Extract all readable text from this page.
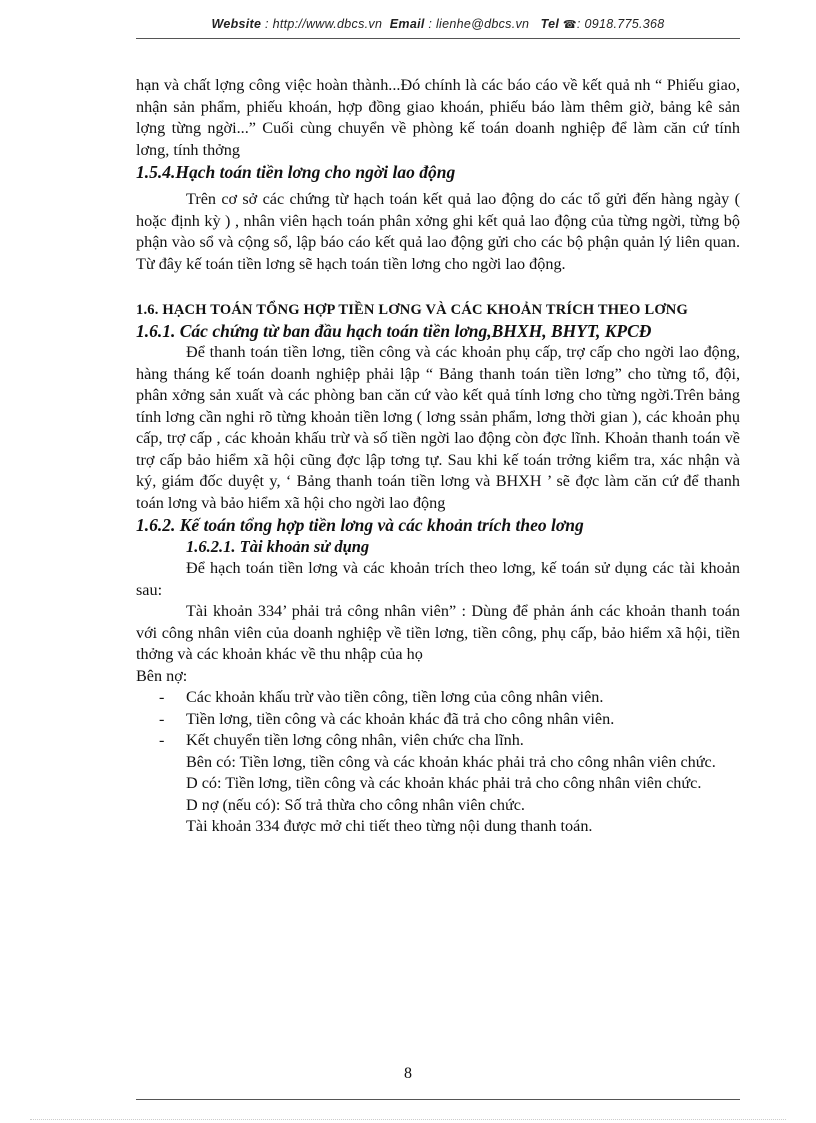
Website : http://www.dbcs.vn Email : lienhe@dbcs.vn Tel ☎: 0918.775.368

hạn và chất lợng công việc hoàn thành...Đó chính là các báo cáo về kết quả nh “ Phiếu giao, nhận sản phẩm, phiếu khoán, hợp đồng giao khoán, phiếu báo làm thêm giờ, bảng kê sản lợng từng ngời...” Cuối cùng chuyển về phòng kế toán doanh nghiệp để làm căn cứ tính lơng, tính thởng

1.5.4.Hạch toán tiền lơng cho ngời lao động

Trên cơ sở các chứng từ hạch toán kết quả lao động do các tổ gửi đến hàng ngày ( hoặc định kỳ ) , nhân viên hạch toán phân xởng ghi kết quả lao động của từng ngời, từng bộ phận vào sổ và cộng sổ, lập báo cáo kết quả lao động gửi cho các bộ phận quản lý liên quan. Từ đây kế toán tiền lơng sẽ hạch toán tiền lơng cho ngời lao động.

1.6. HẠCH TOÁN TỔNG HỢP TIỀN LƠNG VÀ CÁC KHOẢN TRÍCH THEO LƠNG

1.6.1. Các chứng từ ban đầu hạch toán tiền lơng,BHXH, BHYT, KPCĐ

Để thanh toán tiền lơng, tiền công và các khoản phụ cấp, trợ cấp cho ngời lao động, hàng tháng kế toán doanh nghiệp phải lập “ Bảng thanh toán tiền lơng” cho từng tổ, đội, phân xởng sản xuất và các phòng ban căn cứ vào kết quả tính lơng cho từng ngời.Trên bảng tính lơng cần nghi rõ từng khoản tiền lơng ( lơng ssản phẩm, lơng thời gian ), các khoản phụ cấp, trợ cấp , các khoản khấu trừ và số tiền ngời lao động còn đợc lĩnh. Khoản thanh toán về trợ cấp bảo hiểm xã hội cũng đợc lập tơng tự. Sau khi kế toán trởng kiểm tra, xác nhận và ký, giám đốc duyệt y, ‘ Bảng thanh toán tiền lơng và BHXH ’ sẽ đợc làm căn cứ để thanh toán lơng và bảo hiểm xã hội cho ngời lao động

1.6.2. Kế toán tổng hợp tiền lơng và các khoản trích theo lơng

1.6.2.1. Tài khoản sử dụng

Để hạch toán tiền lơng và các khoản trích theo lơng, kế toán sử dụng các tài khoản sau:

Tài khoản 334’ phải trả công nhân viên” : Dùng để phản ánh các khoản thanh toán với công nhân viên của doanh nghiệp về tiền lơng, tiền công, phụ cấp, bảo hiểm xã hội, tiền thởng và các khoản khác về thu nhập của họ

Bên nợ:

- Các khoản khấu trừ vào tiền công, tiền lơng của công nhân viên.

- Tiền lơng, tiền công và các khoản khác đã trả cho công nhân viên.

- Kết chuyển tiền lơng công nhân, viên chức cha lĩnh.

Bên có: Tiền lơng, tiền công và các khoản khác phải trả cho công nhân viên chức.

D có: Tiền lơng, tiền công và các khoản khác phải trả cho công nhân viên chức.

D nợ (nếu có): Số trả thừa cho công nhân viên chức.

Tài khoản 334 được mở chi tiết theo từng nội dung thanh toán.

8
